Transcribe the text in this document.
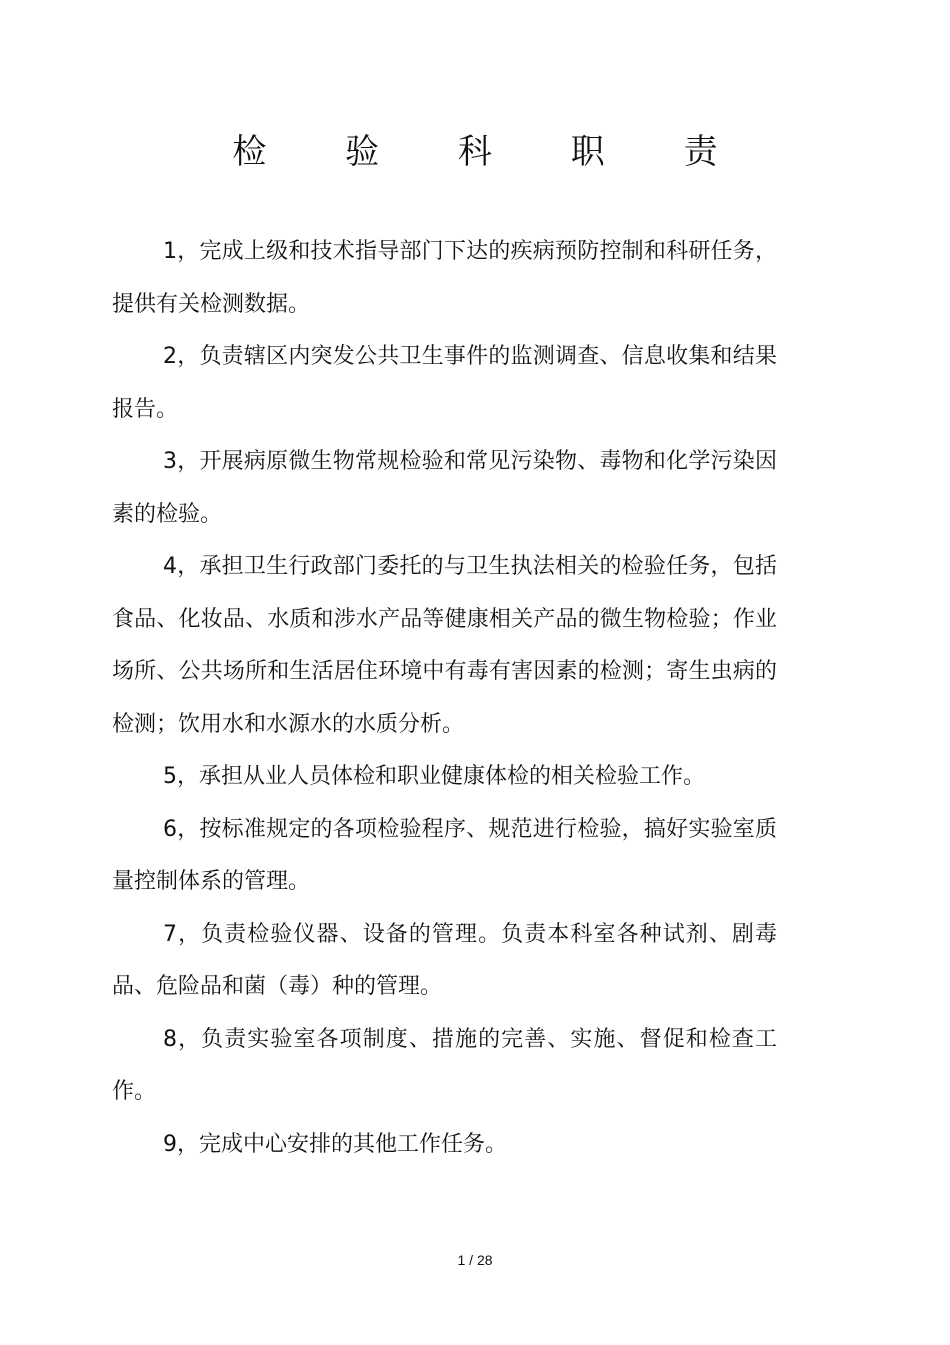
检 验 科 职 责

1，完成上级和技术指导部门下达的疾病预防控制和科研任务，提供有关检测数据。

2，负责辖区内突发公共卫生事件的监测调查、信息收集和结果报告。

3，开展病原微生物常规检验和常见污染物、毒物和化学污染因素的检验。

4，承担卫生行政部门委托的与卫生执法相关的检验任务，包括食品、化妆品、水质和涉水产品等健康相关产品的微生物检验；作业场所、公共场所和生活居住环境中有毒有害因素的检测；寄生虫病的检测；饮用水和水源水的水质分析。

5，承担从业人员体检和职业健康体检的相关检验工作。

6，按标准规定的各项检验程序、规范进行检验，搞好实验室质量控制体系的管理。

7，负责检验仪器、设备的管理。负责本科室各种试剂、剧毒品、危险品和菌（毒）种的管理。

8，负责实验室各项制度、措施的完善、实施、督促和检查工作。

9，完成中心安排的其他工作任务。

1 / 28
